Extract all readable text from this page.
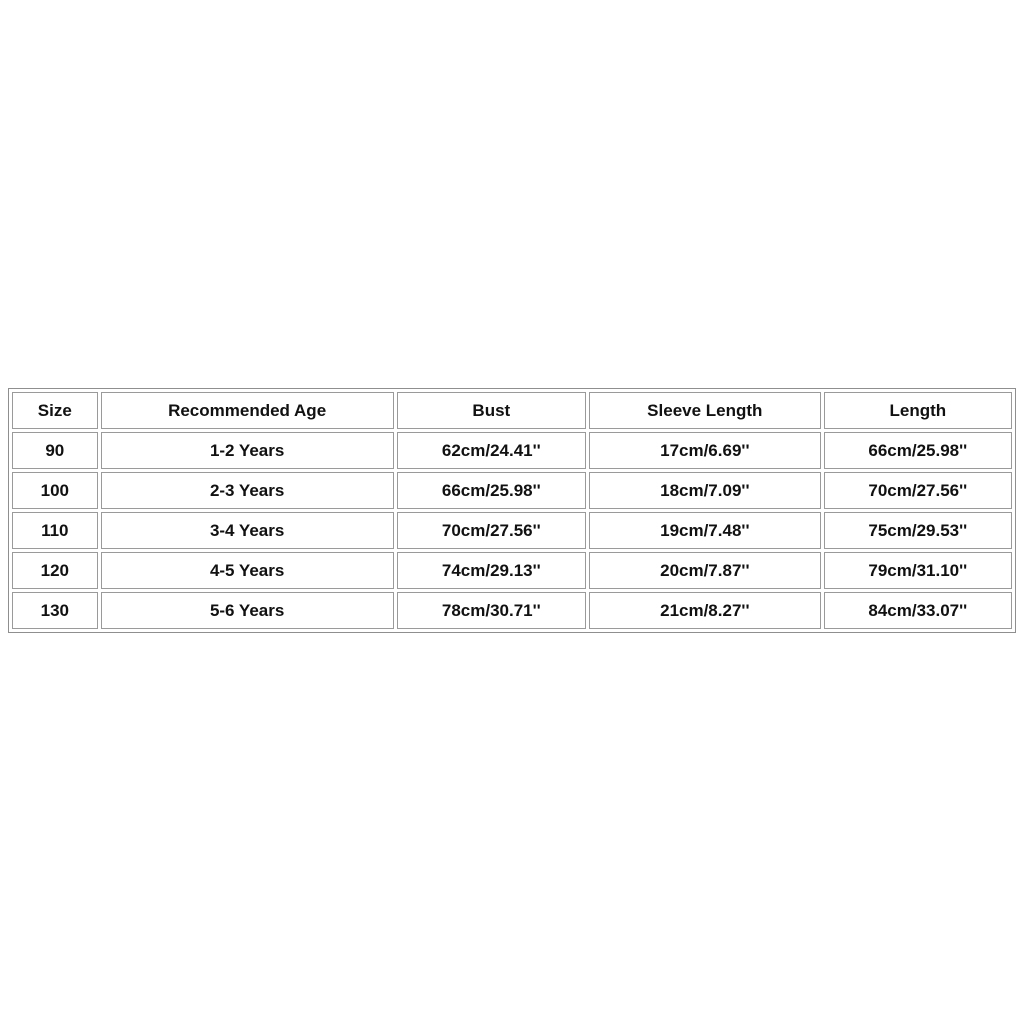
Size	Recommended Age	Bust	Sleeve Length	Length
90	1-2 Years	62cm/24.41''	17cm/6.69''	66cm/25.98''
100	2-3 Years	66cm/25.98''	18cm/7.09''	70cm/27.56''
110	3-4 Years	70cm/27.56''	19cm/7.48''	75cm/29.53''
120	4-5 Years	74cm/29.13''	20cm/7.87''	79cm/31.10''
130	5-6 Years	78cm/30.71''	21cm/8.27''	84cm/33.07''
